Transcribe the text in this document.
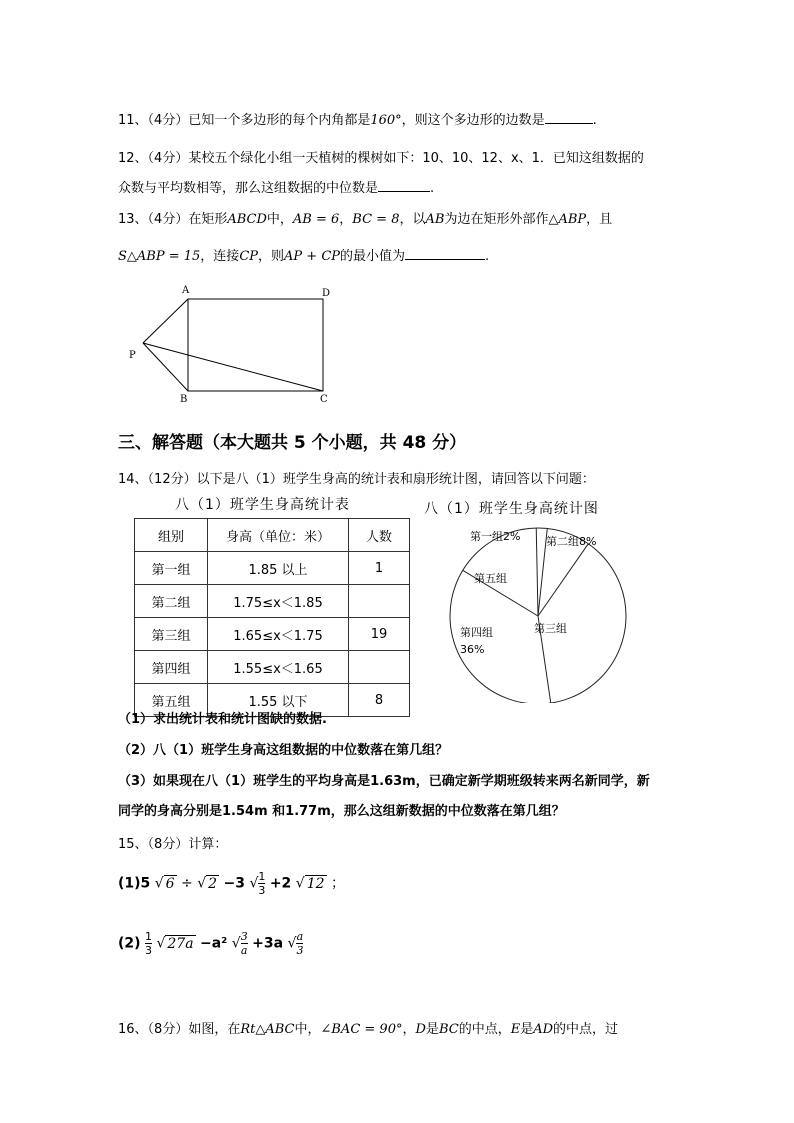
11、（4分）已知一个多边形的每个内角都是160°，则这个多边形的边数是	.
12、（4分）某校五个绿化小组一天植树的棵树如下：10、10、12、x、1．已知这组数据的
众数与平均数相等，那么这组数据的中位数是	.
13、（4分）在矩形ABCD中，AB = 6，BC = 8，以AB为边在矩形外部作△ABP，且
S△ABP = 15，连接CP，则AP + CP的最小值为	.
A	D
P
B	C
三、解答题（本大题共 5 个小题，共 48 分）
14、（12分）以下是八（1）班学生身高的统计表和扇形统计图，请回答以下问题：
八（1）班学生身高统计表	八（1）班学生身高统计图
组别	身高（单位：米）	人数
第一组	1.85 以上	1
第二组	1.75≤x＜1.85	
第三组	1.65≤x＜1.75	19
第四组	1.55≤x＜1.65	
第五组	1.55 以下	8
第一组2% 第二组8%
第五组
第三组
第四组
36%
（1）求出统计表和统计图缺的数据.
（2）八（1）班学生身高这组数据的中位数落在第几组？
（3）如果现在八（1）班学生的平均身高是1.63m，已确定新学期班级转来两名新同学，新
同学的身高分别是1.54m 和1.77m，那么这组新数据的中位数落在第几组？
15、（8分）计算：
(1)5 √ 6 ÷ √ 2 −3 √ $\frac{1}{3} +2$ √ 12 ；
$(2) \frac{1}{3}$ √ 27a −a² √ $\frac{3}{a} +3a$ √ $\frac{a}{3}$
16、（8分）如图，在Rt△ABC中，∠BAC = 90°，D是BC的中点，E是AD的中点，过
